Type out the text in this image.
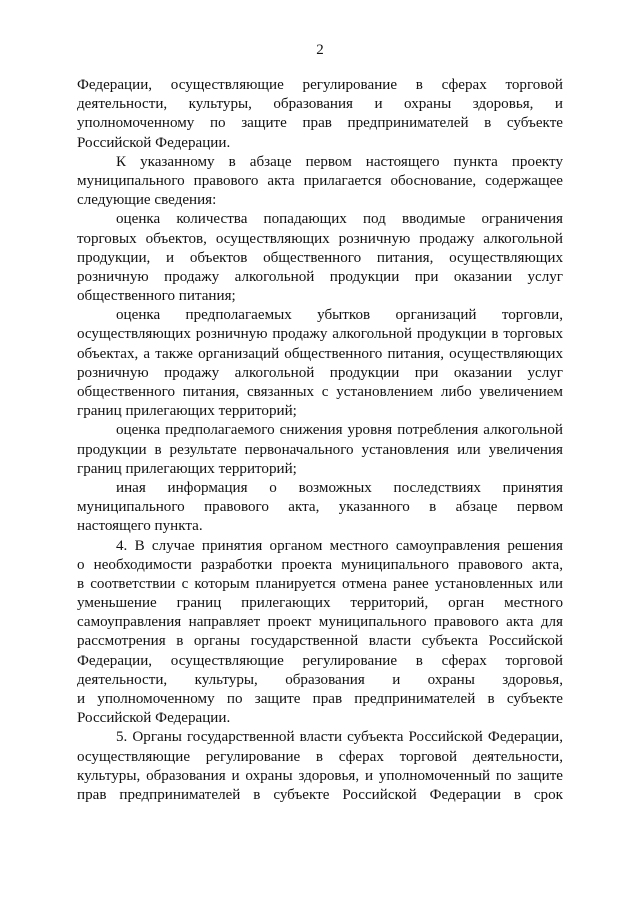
2
Федерации, осуществляющие регулирование в сферах торговой
деятельности, культуры, образования и охраны здоровья, и
уполномоченному по защите прав предпринимателей в субъекте
Российской Федерации.
К указанному в абзаце первом настоящего пункта проекту
муниципального правового акта прилагается обоснование, содержащее
следующие сведения:
оценка количества попадающих под вводимые ограничения
торговых объектов, осуществляющих розничную продажу алкогольной
продукции, и объектов общественного питания, осуществляющих
розничную продажу алкогольной продукции при оказании услуг
общественного питания;
оценка предполагаемых убытков организаций торговли,
осуществляющих розничную продажу алкогольной продукции в торговых
объектах, а также организаций общественного питания, осуществляющих
розничную продажу алкогольной продукции при оказании услуг
общественного питания, связанных с установлением либо увеличением
границ прилегающих территорий;
оценка предполагаемого снижения уровня потребления алкогольной
продукции в результате первоначального установления или увеличения
границ прилегающих территорий;
иная информация о возможных последствиях принятия
муниципального правового акта, указанного в абзаце первом
настоящего пункта.
4. В случае принятия органом местного самоуправления решения
о необходимости разработки проекта муниципального правового акта,
в соответствии с которым планируется отмена ранее установленных или
уменьшение границ прилегающих территорий, орган местного
самоуправления направляет проект муниципального правового акта для
рассмотрения в органы государственной власти субъекта Российской
Федерации, осуществляющие регулирование в сферах торговой
деятельности, культуры, образования и охраны здоровья,
и уполномоченному по защите прав предпринимателей в субъекте
Российской Федерации.
5. Органы государственной власти субъекта Российской Федерации,
осуществляющие регулирование в сферах торговой деятельности,
культуры, образования и охраны здоровья, и уполномоченный по защите
прав предпринимателей в субъекте Российской Федерации в срок
